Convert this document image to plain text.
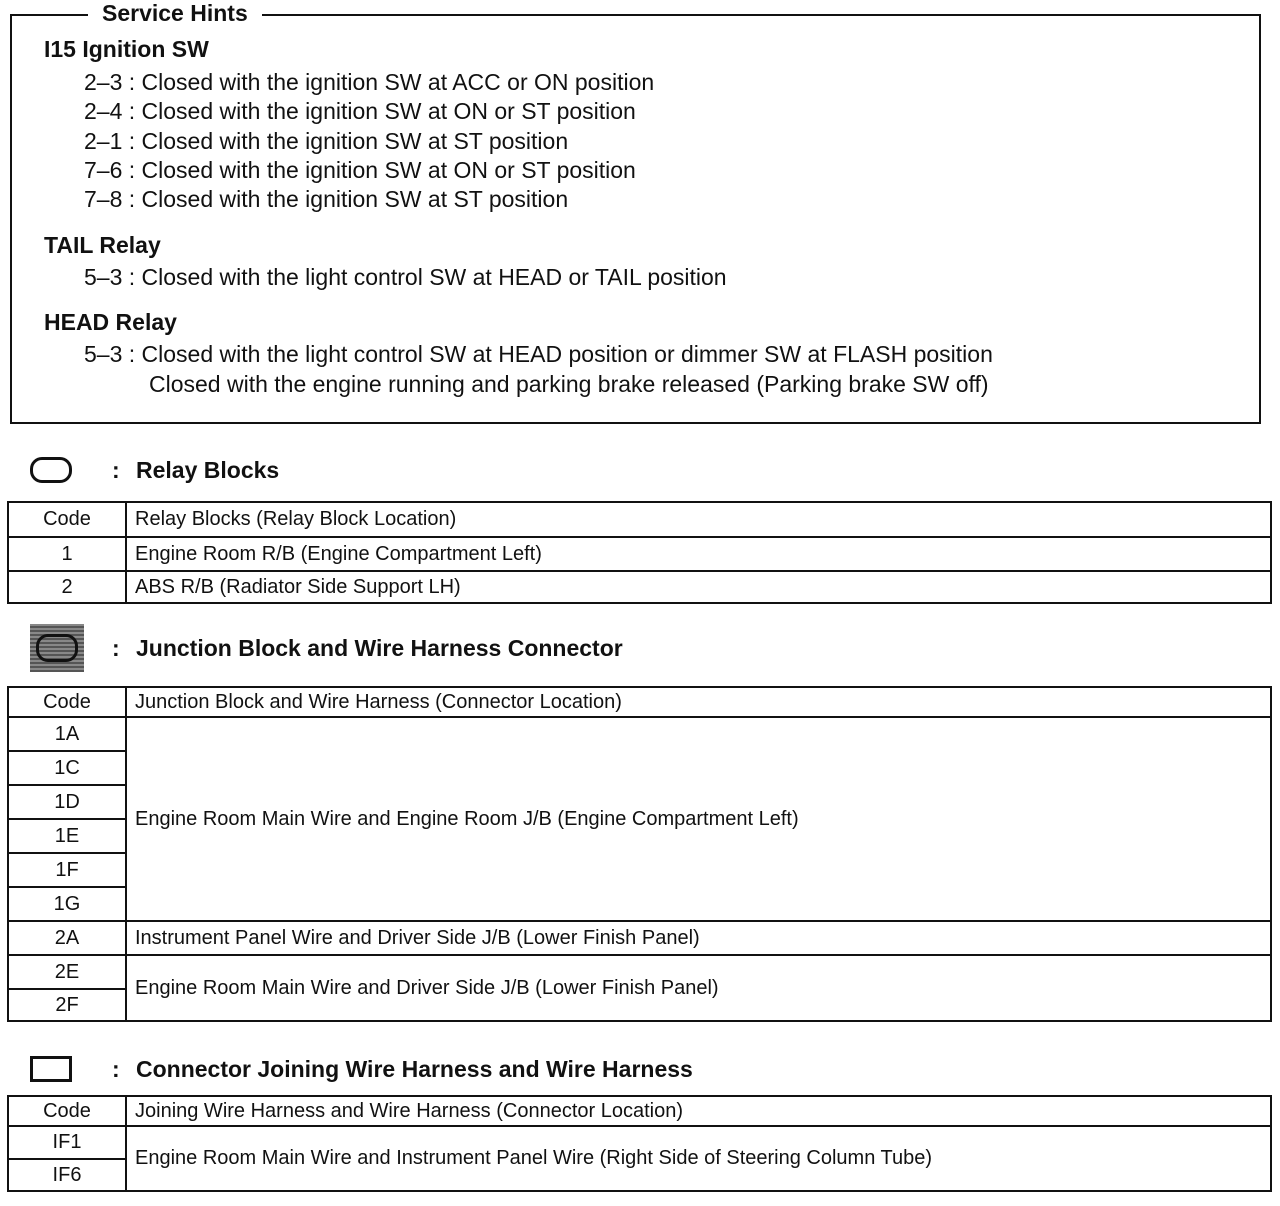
Service Hints
I15 Ignition SW
2–3 : Closed with the ignition SW at ACC or ON position
2–4 : Closed with the ignition SW at ON or ST position
2–1 : Closed with the ignition SW at ST position
7–6 : Closed with the ignition SW at ON or ST position
7–8 : Closed with the ignition SW at ST position
TAIL Relay
5–3 : Closed with the light control SW at HEAD or TAIL position
HEAD Relay
5–3 : Closed with the light control SW at HEAD position or dimmer SW at FLASH position
Closed with the engine running and parking brake released (Parking brake SW off)
: Relay Blocks
Code	Relay Blocks (Relay Block Location)
1	Engine Room R/B (Engine Compartment Left)
2	ABS R/B (Radiator Side Support LH)
: Junction Block and Wire Harness Connector
Code	Junction Block and Wire Harness (Connector Location)
1A	Engine Room Main Wire and Engine Room J/B (Engine Compartment Left)
1C	
1D	
1E	
1F	
1G	
2A	Instrument Panel Wire and Driver Side J/B (Lower Finish Panel)
2E	Engine Room Main Wire and Driver Side J/B (Lower Finish Panel)
2F	
: Connector Joining Wire Harness and Wire Harness
Code	Joining Wire Harness and Wire Harness (Connector Location)
IF1	Engine Room Main Wire and Instrument Panel Wire (Right Side of Steering Column Tube)
IF6	
